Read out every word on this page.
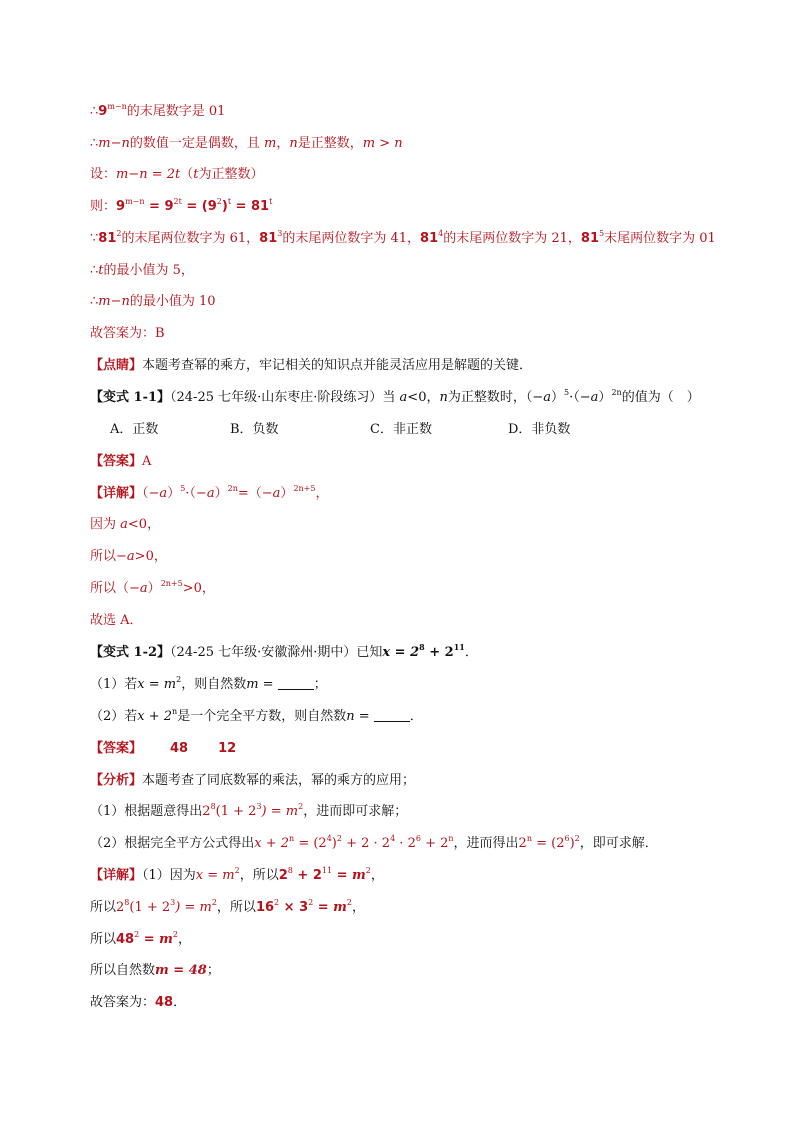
$\therefore 9^{m-n}$的末尾数字是 01
∴m−n的数值一定是偶数，且 m，n是正整数，m > n
设：m−n = 2t（t为正整数）
则：$9^{m-n} = 9^{2t} = (9^2)^t = 81^t$
$\because 81^2$的末尾两位数字为 61，$81^3$的末尾两位数字为 41，$81^4$的末尾两位数字为 21，$81^5$末尾两位数字为 01
∴t的最小值为 5，
∴m−n的最小值为 10
故答案为：B
【点睛】本题考查幂的乘方，牢记相关的知识点并能灵活应用是解题的关键．
【变式 1-1】（24-25 七年级·山东枣庄·阶段练习）当 a<0，n为正整数时，$(-a)^5\cdot(-a)^{2n}$的值为（　）
A．正数	B．负数	C．非正数	D．非负数
【答案】A
【详解】$(-a)^5\cdot(-a)^{2n}=(-a)^{2n+5}$，
因为 a<0，
所以−a>0，
所以$(-a)^{2n+5}>0$，
故选 A．
【变式 1-2】（24-25 七年级·安徽滁州·期中）已知$x = 2^8 + 2^{11}$．
（1）若$x = m^2$，则自然数m =	；
（2）若$x + 2^n$是一个完全平方数，则自然数n =	．
【答案】 48 12
【分析】本题考查了同底数幂的乘法，幂的乘方的应用；
（1）根据题意得出$2^8(1 + 2^3) = m^2$，进而即可求解；
（2）根据完全平方公式得出$x + 2^n = (2^4)^2 + 2 \cdot 2^4 \cdot 2^6 + 2^n$，进而得出$2^n = (2^6)^2$，即可求解．
【详解】（1）因为$x = m^2$，所以$2^8 + 2^{11} = m^2$，
所以$2^8(1 + 2^3) = m^2$，所以$16^2 \times 3^2 = m^2$，
所以$48^2 = m^2$，
所以自然数m = 48；
故答案为：48．
